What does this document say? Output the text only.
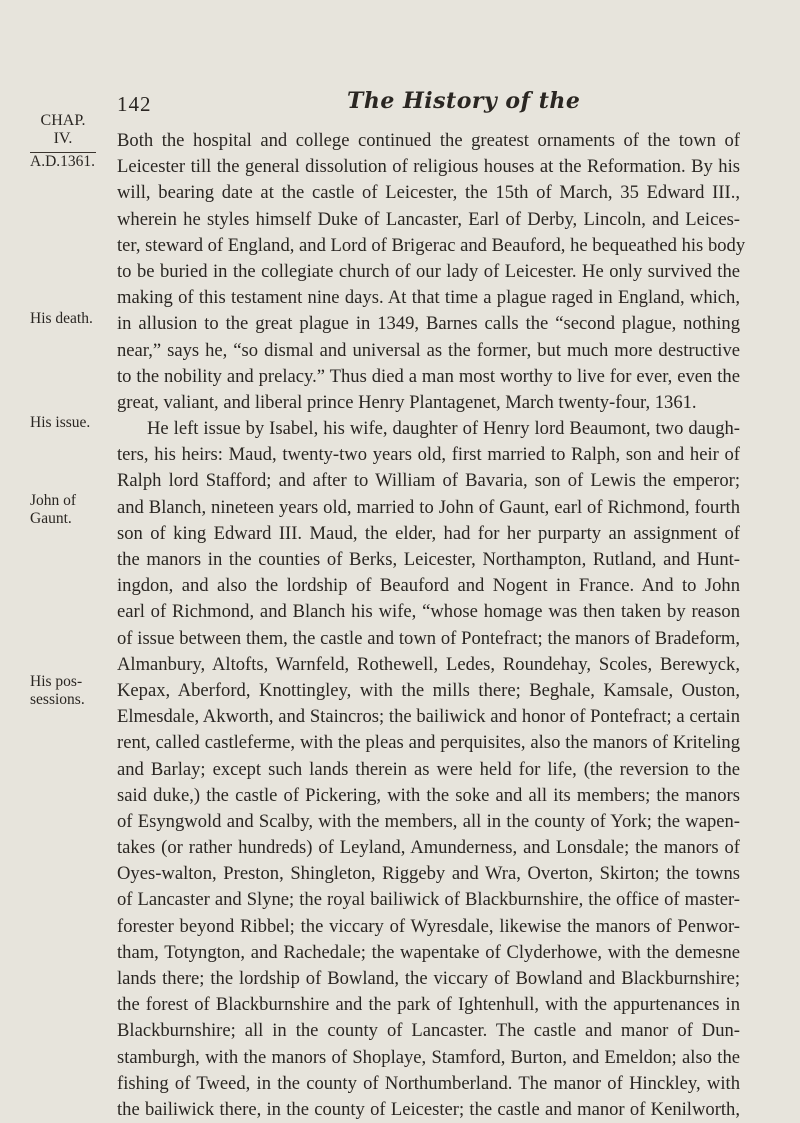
142	The History of the
CHAP.
IV.
A.D.1361.
His death.
His issue.
John of
Gaunt.
His pos-
sessions.
Both the hospital and college continued the greatest ornaments of the town of
Leicester till the general dissolution of religious houses at the Reformation. By his
will, bearing date at the castle of Leicester, the 15th of March, 35 Edward III.,
wherein he styles himself Duke of Lancaster, Earl of Derby, Lincoln, and Leices-
ter, steward of England, and Lord of Brigerac and Beauford, he bequeathed his body
to be buried in the collegiate church of our lady of Leicester. He only survived the
making of this testament nine days. At that time a plague raged in England, which,
in allusion to the great plague in 1349, Barnes calls the “second plague, nothing
near,” says he, “so dismal and universal as the former, but much more destructive
to the nobility and prelacy.” Thus died a man most worthy to live for ever, even the
great, valiant, and liberal prince Henry Plantagenet, March twenty-four, 1361.
He left issue by Isabel, his wife, daughter of Henry lord Beaumont, two daugh-
ters, his heirs: Maud, twenty-two years old, first married to Ralph, son and heir of
Ralph lord Stafford; and after to William of Bavaria, son of Lewis the emperor;
and Blanch, nineteen years old, married to John of Gaunt, earl of Richmond, fourth
son of king Edward III. Maud, the elder, had for her purparty an assignment of
the manors in the counties of Berks, Leicester, Northampton, Rutland, and Hunt-
ingdon, and also the lordship of Beauford and Nogent in France. And to John
earl of Richmond, and Blanch his wife, “whose homage was then taken by reason
of issue between them, the castle and town of Pontefract; the manors of Bradeform,
Almanbury, Altofts, Warnfeld, Rothewell, Ledes, Roundehay, Scoles, Berewyck,
Kepax, Aberford, Knottingley, with the mills there; Beghale, Kamsale, Ouston,
Elmesdale, Akworth, and Staincros; the bailiwick and honor of Pontefract; a certain
rent, called castleferme, with the pleas and perquisites, also the manors of Kriteling
and Barlay; except such lands therein as were held for life, (the reversion to the
said duke,) the castle of Pickering, with the soke and all its members; the manors
of Esyngwold and Scalby, with the members, all in the county of York; the wapen-
takes (or rather hundreds) of Leyland, Amunderness, and Lonsdale; the manors of
Oyes-walton, Preston, Shingleton, Riggeby and Wra, Overton, Skirton; the towns
of Lancaster and Slyne; the royal bailiwick of Blackburnshire, the office of master-
forester beyond Ribbel; the viccary of Wyresdale, likewise the manors of Penwor-
tham, Totyngton, and Rachedale; the wapentake of Clyderhowe, with the demesne
lands there; the lordship of Bowland, the viccary of Bowland and Blackburnshire;
the forest of Blackburnshire and the park of Ightenhull, with the appurtenances in
Blackburnshire; all in the county of Lancaster. The castle and manor of Dun-
stamburgh, with the manors of Shoplaye, Stamford, Burton, and Emeldon; also the
fishing of Tweed, in the county of Northumberland. The manor of Hinckley, with
the bailiwick there, in the county of Leicester; the castle and manor of Kenilworth,
